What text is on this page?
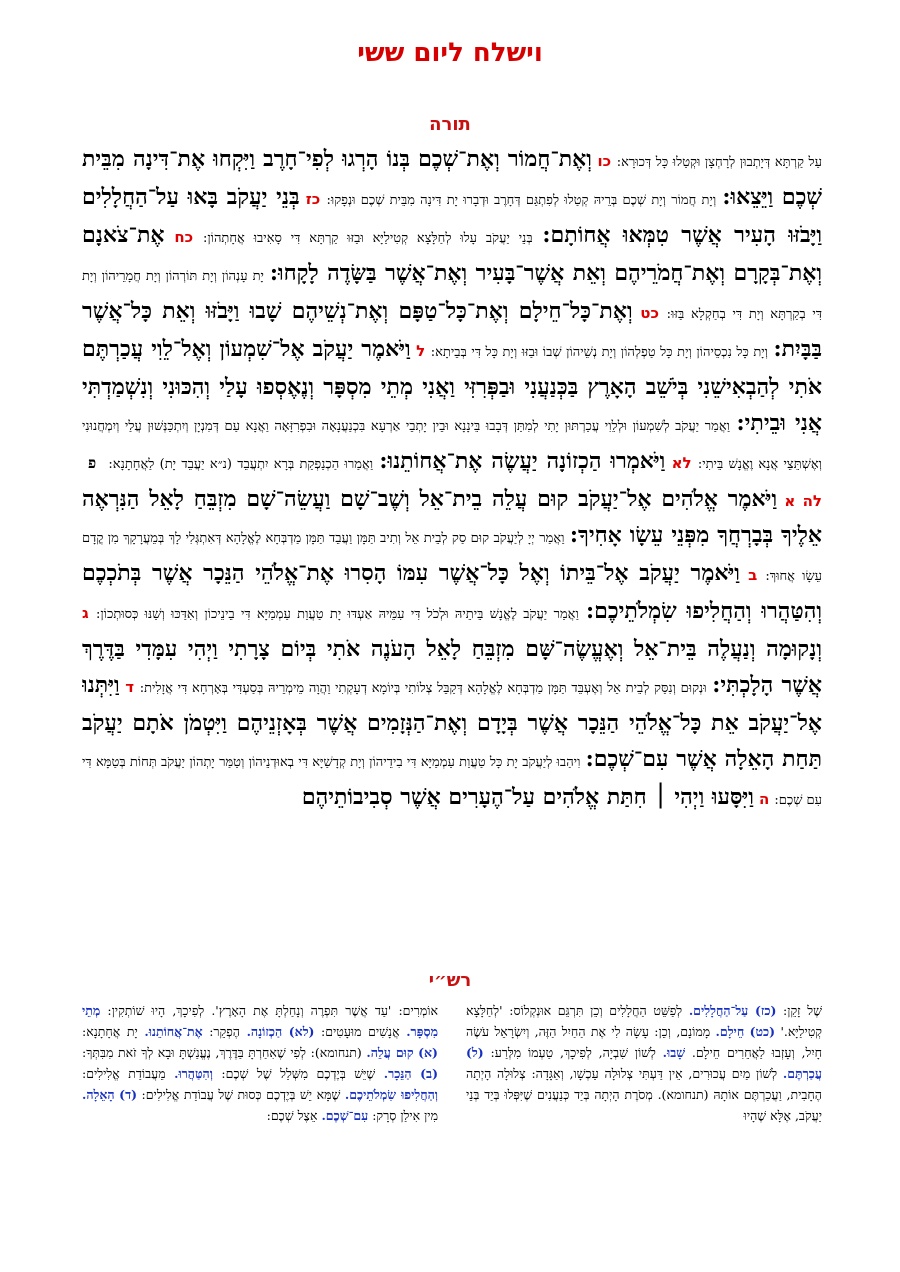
וישלח ליום ששי
תורה
עַל קַרְתָּא דְּיָתְבוּן לְרָחְצָן וּקְטַלוּ כָּל דְּכוּרָא: כו וְאֶת־חֲמוֹר וְאֶת־שְׁכֶם בְּנוֹ הָרְגוּ לְפִי־חָרֶב וַיִּקְחוּ אֶת־דִּינָה מִבֵּית שְׁכֶם וַיֵּצֵאוּ: וְיָת חֲמוֹר וְיָת שְׁכֶם בְּרֵיהּ קְטַלוּ לְפִתְגַּם דְּחָרֶב וּדְבָרוּ יָת דִּינָה מִבֵּית שְׁכֶם וּנְפָקוּ: כז בְּנֵי יַעֲקֹב בָּאוּ עַל־הַחֲלָלִים וַיָּבֹזּוּ הָעִיר אֲשֶׁר טִמְּאוּ אֲחוֹתָם: בְּנֵי יַעֲקֹב עָלוּ לְחַלָּצָא קְטִילַיָּא וּבַזּוּ קַרְתָּא דִּי סָאִיבוּ אֲחָתְהוֹן: כח אֶת־צֹאנָם וְאֶת־בְּקָרָם וְאֶת־חֲמֹרֵיהֶם וְאֵת אֲשֶׁר־בָּעִיר וְאֶת־אֲשֶׁר בַּשָּׂדֶה לָקָחוּ: יָת עָנְהוֹן וְיָת תּוֹרְהוֹן וְיָת חֲמָרֵיהוֹן וְיָת דִּי בְקַרְתָּא וְיָת דִּי בְחַקְלָא בַּזּוּ: כט וְאֶת־כָּל־חֵילָם וְאֶת־כָּל־טַפָּם וְאֶת־נְשֵׁיהֶם שָׁבוּ וַיָּבֹזּוּ וְאֵת כָּל־אֲשֶׁר בַּבָּיִת: וְיָת כָּל נִכְסֵיהוֹן וְיָת כָּל טַפְלְהוֹן וְיָת נְשֵׁיהוֹן שְׁבוֹ וּבַזּוּ וְיָת כָּל דִּי בְּבֵיתָא: ל וַיֹּאמֶר יַעֲקֹב אֶל־שִׁמְעוֹן וְאֶל־לֵוִי עֲכַרְתֶּם אֹתִי לְהַבְאִישֵׁנִי בְּיֹשֵׁב הָאָרֶץ בַּכְּנַעֲנִי וּבַפְּרִזִּי וַאֲנִי מְתֵי מִסְפָּר וְנֶאֶסְפוּ עָלַי וְהִכּוּנִי וְנִשְׁמַדְתִּי אֲנִי וּבֵיתִי: וַאֲמַר יַעֲקֹב לְשִׁמְעוֹן וּלְלֵוִי עֲכַרְתּוּן יָתִי לְמִתַּן דְּבָבוּ בֵּינָנָא וּבֵין יָתְבֵי אַרְעָא בִּכְנַעֲנָאָה וּבִפְרִזָּאָה וַאֲנָא עַם דְּמִנְיָן וְיִתְכַּנְּשׁוּן עֲלַי וְיִמְחֲנוּנִי וְאֶשְׁתֵּצֵי אֲנָא וֶאֱנָשׁ בֵּיתִי: לא וַיֹּאמְרוּ הַכְזוֹנָה יַעֲשֶׂה אֶת־אֲחוֹתֵנוּ: וַאֲמַרוּ הַכְנַפְקַת בְּרָא יִתְעֲבֵד (נ״א יַעֲבֵד יָת) לַאֲחָתָנָא: פ לה א וַיֹּאמֶר אֱלֹהִים אֶל־יַעֲקֹב קוּם עֲלֵה בֵית־אֵל וְשֶׁב־שָׁם וַעֲשֵׂה־שָׁם מִזְבֵּחַ לָאֵל הַנִּרְאֶה אֵלֶיךָ בְּבָרְחֲךָ מִפְּנֵי עֵשָׂו אָחִיךָ: וַאֲמַר יְיָ לְיַעֲקֹב קוּם סַק לְבֵית אֵל וְתִיב תַּמָּן וַעֲבֵד תַּמָּן מַדְבְּחָא לֶאֱלָהָא דְּאִתְגְּלִי לָךְ בְּמֵעֲרָקָךְ מִן קֳדָם עֵשָׂו אֲחוּךְ: ב וַיֹּאמֶר יַעֲקֹב אֶל־בֵּיתוֹ וְאֶל כָּל־אֲשֶׁר עִמּוֹ הָסִרוּ אֶת־אֱלֹהֵי הַנֵּכָר אֲשֶׁר בְּתֹכְכֶם וְהִטַּהֲרוּ וְהַחֲלִיפוּ שִׂמְלֹתֵיכֶם: וַאֲמַר יַעֲקֹב לֶאֱנָשׁ בֵּיתֵיהּ וּלְכֹל דִּי עִמֵּיהּ אַעְדּוּ יָת טַעֲוַת עַמְמַיָּא דִּי בֵינֵיכוֹן וְאִדַּכּוּ וְשַׁנּוּ כְּסוּתְכוֹן: ג וְנָקוּמָה וְנַעֲלֶה בֵּית־אֵל וְאֶעֱשֶׂה־שָּׁם מִזְבֵּחַ לָאֵל הָעֹנֶה אֹתִי בְּיוֹם צָרָתִי וַיְהִי עִמָּדִי בַּדֶּרֶךְ אֲשֶׁר הָלָכְתִּי: וּנְקוּם וְנִסַּק לְבֵית אֵל וְאֶעְבֵּד תַּמָּן מַדְבְּחָא לֶאֱלָהָא דְּקַבֵּל צְלוֹתִי בְּיוֹמָא דְעָקְתִי וַהֲוָה מֵימְרֵיהּ בְּסַעְדִּי בְּאָרְחָא דִּי אֲזָלִית: ד וַיִּתְּנוּ אֶל־יַעֲקֹב אֵת כָּל־אֱלֹהֵי הַנֵּכָר אֲשֶׁר בְּיָדָם וְאֶת־הַנְּזָמִים אֲשֶׁר בְּאָזְנֵיהֶם וַיִּטְמֹן אֹתָם יַעֲקֹב תַּחַת הָאֵלָה אֲשֶׁר עִם־שְׁכֶם: וִיהַבוּ לְיַעֲקֹב יָת כָּל טַעֲוַת עַמְמַיָּא דִּי בִידֵיהוֹן וְיָת קְדָשַׁיָּא דִּי בְאוּדְנֵיהוֹן וְטַמַּר יָתְהוֹן יַעֲקֹב תְּחוֹת בְּטַמָּא דִּי עִם שְׁכֶם: ה וַיִּסָּעוּ וַיְהִי ׀ חִתַּת אֱלֹהִים עַל־הֶעָרִים אֲשֶׁר סְבִיבוֹתֵיהֶם
רש״י
שֶׁל זָקֵן: (כז) עַל־הַחֲלָלִים. לְפַשֵּׁט הַחֲלָלִים וְכֵן תִּרְגֵּם אוּנְקְלוֹס: 'לְחַלָּצָא קְטִילַיָּא.' (כט) חֵילָם. מָמוֹנָם, וְכֵן: עָשָׂה לִי אֶת הַחַיִל הַזֶּה, וְיִשְׂרָאֵל עֹשֶׂה חָיִל, וְעָזְבוּ לַאֲחֵרִים חֵילָם. שָׁבוּ. לְשׁוֹן שִׁבְיָה, לְפִיכָךְ, טַעְמוֹ מִלְּרַע: (ל) עֲכַרְתֶּם. לְשׁוֹן מַיִם עֲכוּרִים, אֵין דַּעְתִּי צְלוּלָה עַכְשָׁו, וְאַגָּדָה: צְלוּלָה הָיְתָה הֶחָבִית, וַעֲכַרְתֶּם אוֹתָהּ (תנחומא). מְסֹרֶת הָיְתָה בְּיַד כְּנַעֲנִים שֶׁיִּפְּלוּ בְּיַד בְּנֵי יַעֲקֹב, אֶלָּא שֶׁהָיוּ
אוֹמְרִים: 'עַד אֲשֶׁר תִּפְרֶה וְנָחַלְתָּ אֶת הָאָרֶץ'. לְפִיכָךְ, הָיוּ שׁוֹתְקִין: מְתֵי מִסְפָּר. אֲנָשִׁים מוּעָטִים: (לא) הַכְזוֹנָה. הֶפְקֵר: אֶת־אֲחוֹתֵנוּ. יָת אֲחָתָנָא: (א) קוּם עֲלֵה. (תנחומא): לְפִי שֶׁאִחַרְתָּ בַּדֶּרֶךְ, נֶעֱנַשְׁתָּ וּבָא לְךָ זֹאת מִבִּתְּךָ: (ב) הַנֵּכָר. שֶׁיֵּשׁ בְּיֶדְכֶם מִשְּׁלַל שֶׁל שְׁכֶם: וְהִטַּהֲרוּ. מֵעֲבוֹדַת אֱלִילִים: וְהַחֲלִיפוּ שִׂמְלֹתֵיכֶם. שֶׁמָּא יֵשׁ בְּיֶדְכֶם כְּסוּת שֶׁל עֲבוֹדַת אֱלִילִים: (ד) הָאֵלָה. מִין אִילַן סְרָק: עִם־שְׁכֶם. אֵצֶל שְׁכֶם:
